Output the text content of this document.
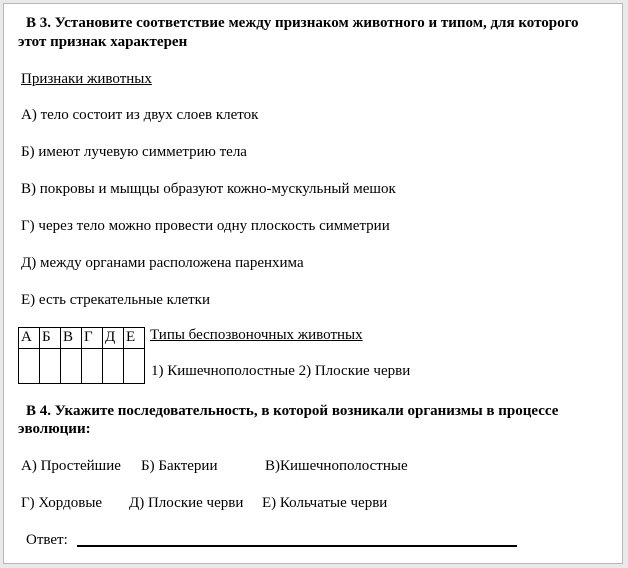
В 3. Установите соответствие между признаком животного и типом, для которого
этот признак характерен
Признаки животных
А) тело состоит из двух слоев клеток
Б) имеют лучевую симметрию тела
В) покровы и мыщцы образуют кожно-мускульный мешок
Г) через тело можно провести одну плоскость симметрии
Д) между органами расположена паренхима
Е) есть стрекательные клетки
А	Б	В	Г	Д	Е
					Типы беспозвоночных животных
1) Кишечнополостные 2) Плоские черви
В 4. Укажите последовательность, в которой возникали организмы в процессе
эволюции:
А) Простейшие Б) Бактерии	В)Кишечнополостные
Г) Хордовые Д) Плоские черви Е) Кольчатые черви
Ответ:
